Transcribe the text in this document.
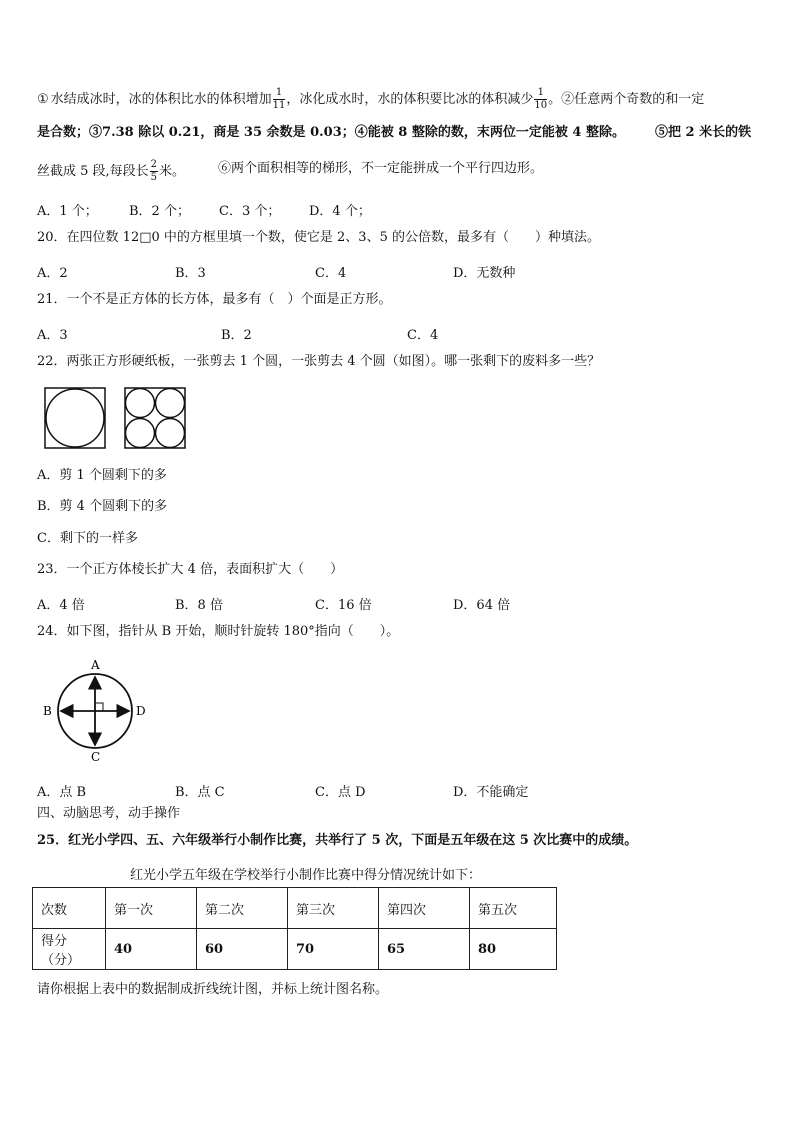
① 水结成冰时，冰的体积比水的体积增加 $\frac{1}{11}$ ，冰化成水时，水的体积要比冰的体积减少 $\frac{1}{10}$ 。②任意两个奇数的和一定
是合数；③7.38 除以 0.21，商是 35 余数是 0.03；④能被 8 整除的数，末两位一定能被 4 整除。 ⑤把 2 米长的铁
丝截成 5 段,每段长 $\frac{2}{5}$ 米。	⑥两个面积相等的梯形，不一定能拼成一个平行四边形。
A．1 个； B．2 个； C．3 个； D．4 个；
20．在四位数 12□0 中的方框里填一个数，使它是 2、3、5 的公倍数，最多有（　　）种填法。
A．2	B．3	C．4	D．无数种
21．一个不是正方体的长方体，最多有（　）个面是正方形。
A．3	B．2	C．4
22．两张正方形硬纸板，一张剪去 1 个圆，一张剪去 4 个圆（如图）。哪一张剩下的废料多一些？
A．剪 1 个圆剩下的多
B．剪 4 个圆剩下的多
C．剩下的一样多
23．一个正方体棱长扩大 4 倍，表面积扩大（　　）
A．4 倍	B．8 倍	C．16 倍	D．64 倍
24．如下图，指针从 B 开始，顺时针旋转 180°指向（　　）。
A
B	D
C
A．点 B	B．点 C	C．点 D	D．不能确定
四、动脑思考，动手操作
25．红光小学四、五、六年级举行小制作比赛，共举行了 5 次，下面是五年级在这 5 次比赛中的成绩。
红光小学五年级在学校举行小制作比赛中得分情况统计如下：
次数	第一次	第二次	第三次	第四次	第五次
得分（分）	40	60	70	65	80
请你根据上表中的数据制成折线统计图，并标上统计图名称。
